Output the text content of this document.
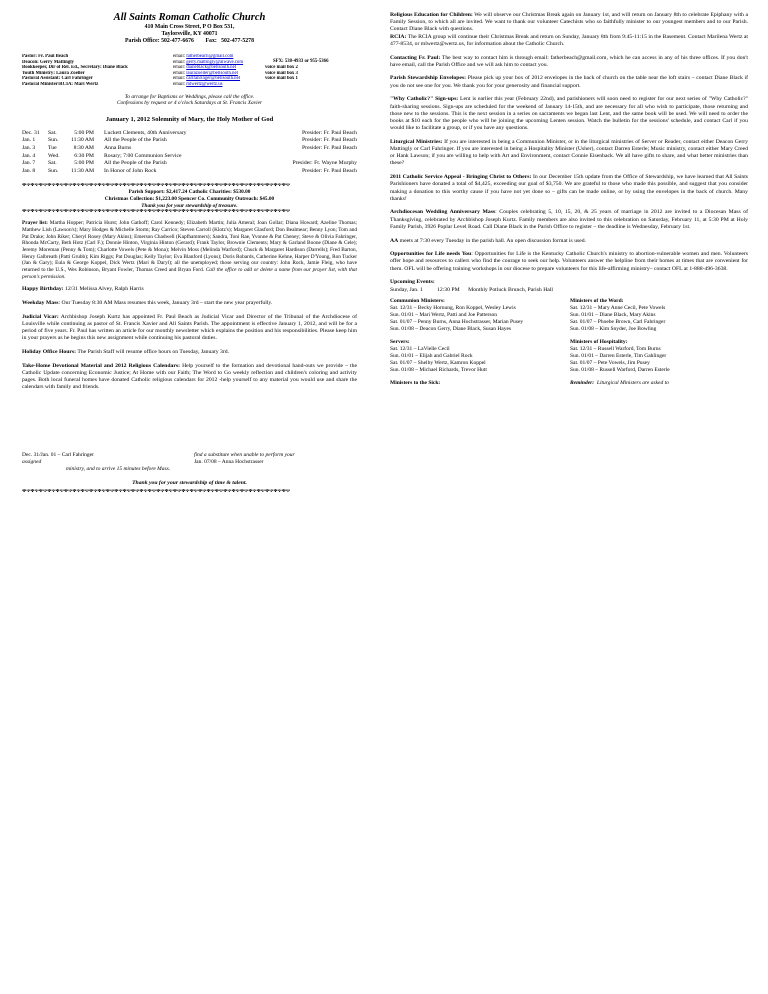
All Saints Roman Catholic Church
410 Main Cross Street, P O Box 531,
Taylorsville, KY 40071
Parish Office: 502-477-6676        Fax:   502-477-5278
Pastor: Fr. Paul Beach	email: fatherbeach@gmail.com
Deacon: Gerry Mattingly	email: gerry.mattingly@alwave.com
Bookkeeper, Dir of Rel. Ed., Secretary: Diane Black	email: dianeblack@bellsouth.net	voice mail box 2
Youth Ministry: Laura Zoeller	email: laurazoeller@bellsouth.net	voice mail box 3
Pastoral Assistant: Carl Fahringer	email: carlfahringer@bellsouth.net	voice mail box 1
Pastoral Minister/RCIA: Mari Wertz	email: mlwertz@wertz.us
To arrange for Baptisms or Weddings, please call the office.
Confessions by request or 4 o'clock Saturdays at St. Francis Xavier
January 1, 2012 Solemnity of Mary, the Holy Mother of God
Dec. 31	Sat.	5:00 PM	Luckett Clements, 40th Anniversary	Presider: Fr. Paul Beach
Jan. 1	Sun.	11:30 AM	All the People of the Parish	Presider: Fr. Paul Beach
Jan. 3	Tue	8:30 AM	Anna Burns	Presider: Fr. Paul Beach
Jan. 4	Wed.	6:30 PM	Rosary; 7:00 Communion Service
Jan. 7	Sat.	5:00 PM	All the People of the Parish	Presider: Fr. Wayne Murphy
Jan. 8	Sun.	11:30 AM	In Honor of John Rock	Presider: Fr. Paul Beach
✤✣✤✣✤✣✤✣✤✣✤✣✤✣✤✣✤✣✤✣✤✣✤✣✤✣✤✣✤✣✤✣✤✣✤✣✤✣✤✣✤✣✤✣✤✣✤✣✤✣✤✣✤✣✤✣✤✣✤✣✤✣✤✣
Parish Support: $2,417.24 Catholic Charities: $530.00
Christmas Collection: $1,223.00 Spencer Co. Community Outreach: $45.00
Thank you for your stewardship of treasure.
✤✣✤✣✤✣✤✣✤✣✤✣✤✣✤✣✤✣✤✣✤✣✤✣✤✣✤✣✤✣✤✣✤✣✤✣✤✣✤✣✤✣✤✣✤✣✤✣✤✣✤✣✤✣✤✣✤✣✤✣✤✣✤✣
Prayer list: Martha Hopper; Patricia Hurst; John Gathoff; Carol Kennedy; Elizabeth Martin; Julia Ameral; Joan Gollar; Diana Howard; Azeline Thomas; Matthew Lish (Lawson's); Mary Hodges & Michelle Storm; Ray Carrico; Steven Carroll (Klotz's); Margaret Glasford; Don Bealmear; Benny Lyon; Tom and Pat Drake; John Riker; Cheryl Rosey (Mary Akins); Emerson Chadwell (Kapfhammers); Sandra, Toni Rae, Yvonne & Pat Cheney; Steve & Olivia Fahringer, Rhonda McCarty, Beth Hotz (Carl F.); Donnie Hinton, Virginia Hinton (Gerard); Frank Taylor, Brownie Clements; Mary & Garland Boone (Diane & Cele); Jeremy Moreman (Penny & Tom); Charlotte Vowels (Pete & Mona); Melvin Moss (Melinda Warford); Chuck & Margaret Hardison (Darrells); Fred Barton, Henry Galbreath (Patti Grubb); Kim Riggs; Pat Douglas; Kelly Taylor; Eva Blanford (Lyons); Doris Robards, Catherine Kehne, Harper D'Young, Ron Tucker (Jan & Gary); Eula & George Koppel, Dick Wertz (Mari & Daryl); all the unemployed; those serving our country: John Rock, Jamie Fleig, who have returned to the U.S., Wes Robinson, Bryant Fowler, Thomas Creed and Bryan Ford. Call the office to add or delete a name from our prayer list, with that person's permission.
Happy Birthday: 12/31 Melissa Alvey, Ralph Harris
Weekday Mass: Our Tuesday 8:30 AM Mass resumes this week, January 3rd – start the new year prayerfully.
Judicial Vicar: Archbishop Joseph Kurtz has appointed Fr. Paul Beach as Judicial Vicar and Director of the Tribunal of the Archdiocese of Louisville while continuing as pastor of St. Francis Xavier and All Saints Parish. The appointment is effective January 1, 2012, and will be for a period of five years. Fr. Paul has written an article for our monthly newsletter which explains the position and his responsibilities. Please keep him in your prayers as he begins this new assignment while continuing his pastoral duties.
Holiday Office Hours: The Parish Staff will resume office hours on Tuesday, January 3rd.
Take-Home Devotional Material and 2012 Religious Calendars: Help yourself to the formation and devotional hand-outs we provide – the Catholic Update concerning Economic Justice; At Home with our Faith; The Word to Go weekly reflection and children's coloring and activity pages. Both local funeral homes have donated Catholic religious calendars for 2012 -help yourself to any material you would use and share the calendars with family and friends.
Dec. 31/Jan. 01 – Carl Fahringer	find a substitute when unable to perform your
assigned	Jan. 07/08 – Anna Hochstrasser
ministry, and to arrive 15 minutes before Mass.
Thank you for your stewardship of time & talent.
✤✣✤✣✤✣✤✣✤✣✤✣✤✣✤✣✤✣✤✣✤✣✤✣✤✣✤✣✤✣✤✣✤✣✤✣✤✣✤✣✤✣✤✣✤✣✤✣✤✣✤✣✤✣✤✣✤✣✤✣✤✣✤✣
SFX: 538-4933 or 955-5366
Religious Education for Children: We will observe our Christmas Break again on January 1st, and will return on January 8th to celebrate Epiphany with a Family Session, to which all are invited. We want to thank our volunteer Catechists who so faithfully minister to our youngest members and to our Parish. Contact Diane Black with questions.
RCIA: The RCIA group will continue their Christmas Break and return on Sunday, January 8th from 9:45-11:15 in the Basement. Contact Marilena Wertz at 477-8534, or mlwertz@wertz.us, for information about the Catholic Church.
Contacting Fr. Paul: The best way to contact him is through email: fatherbeach@gmail.com, which he can access in any of his three offices. If you don't have email, call the Parish Office and we will ask him to contact you.
Parish Stewardship Envelopes: Please pick up your box of 2012 envelopes in the back of church on the table near the loft stairs – contact Diane Black if you do not see one for you. We thank you for your generosity and financial support.
"Why Catholic?" Sign-ups: Lent is earlier this year (February 22nd), and parishioners will soon need to register for our next series of "Why Catholic?" faith-sharing sessions. Sign-ups are scheduled for the weekend of January 14-15th, and are necessary for all who wish to participate, those returning and those new to the sessions. This is the next session in a series on sacraments we began last Lent, and the same book will be used. We will need to order the books at $10 each for the people who will be joining the upcoming Lenten session. Watch the bulletin for the sessions' schedule, and contact Carl if you would like to facilitate a group, or if you have any questions.
Liturgical Ministries: If you are interested in being a Communion Minister, or in the liturgical ministries of Server or Reader, contact either Deacon Gerry Mattingly or Carl Fahringer. If you are interested in being a Hospitality Minister (Usher), contact Darren Esterle; Music ministry, contact either Mary Creed or Hank Lawson; if you are willing to help with Art and Environment, contact Connie Eisenback. We all have gifts to share, and what better ministries than these?
2011 Catholic Service Appeal - Bringing Christ to Others: In our December 15th update from the Office of Stewardship, we have learned that All Saints Parishioners have donated a total of $4,425, exceeding our goal of $3,750. We are grateful to those who made this possible, and suggest that you consider making a donation to this worthy cause if you have not yet done so – gifts can be made online, or by using the envelopes in the back of church. Many thanks!
Archdiocesan Wedding Anniversary Mass: Couples celebrating 5, 10, 15, 20, & 25 years of marriage in 2012 are invited to a Diocesan Mass of Thanksgiving, celebrated by Archbishop Joseph Kurtz. Family members are also invited to this celebration on Saturday, February 11, at 5:30 PM at Holy Family Parish, 3926 Poplar Level Road. Call Diane Black in the Parish Office to register – the deadline is Wednesday, February 1st.
AA meets at 7:30 every Tuesday in the parish hall. An open discussion format is used.
Opportunities for Life needs You: Opportunities for Life is the Kentucky Catholic Church's ministry to abortion-vulnerable women and men. Volunteers offer hope and resources to callers who find the courage to seek our help. Volunteers answer the helpline from their homes at times that are convenient for them. OFL will be offering training workshops in our diocese to prepare volunteers for this life-affirming ministry– contact OFL at 1-888-496-3638.
Upcoming Events:
Sunday, Jan. 1          12:30 PM      Monthly Potluck Brunch, Parish Hall
Communion Ministers:	Ministers of the Word:
Sat. 12/31 – Becky Hornung, Ron Koppel, Wesley Lewis	Sat. 12/31 – Mary Anne Cecil, Pete Vowels
Sun. 01/01 – Mari Wertz, Patti and Joe Patterson	Sun. 01/01 – Diane Black, Mary Akins
Sat. 01/07 – Penny Burns, Anna Hochstrasser, Marian Pusey	Sat. 01/07 – Phoebe Brown, Carl Fahringer
Sun. 01/08 – Deacon Gerry, Diane Black, Susan Hayes	Sun. 01/08 – Kim Snyder, Joe Bowling
Servers:	Ministers of Hospitality:
Sat. 12/31 – LaVielle Cecil	Sat. 12/31 – Russell Warford, Tom Burns
Sun. 01/01 – Elijah and Gabriel Rock	Sun. 01/01 – Darren Esterle, Tim Gahlinger
Sat. 01/07 – Shelby Wertz, Kamron Koppel	Sat. 01/07 – Pete Vowels, Jim Pusey
Sun. 01/08 – Michael Richards, Trevor Hutt	Sun. 01/08 – Russell Warford, Darren Esterle
Ministers to the Sick:	Reminder:  Liturgical Ministers are asked to
